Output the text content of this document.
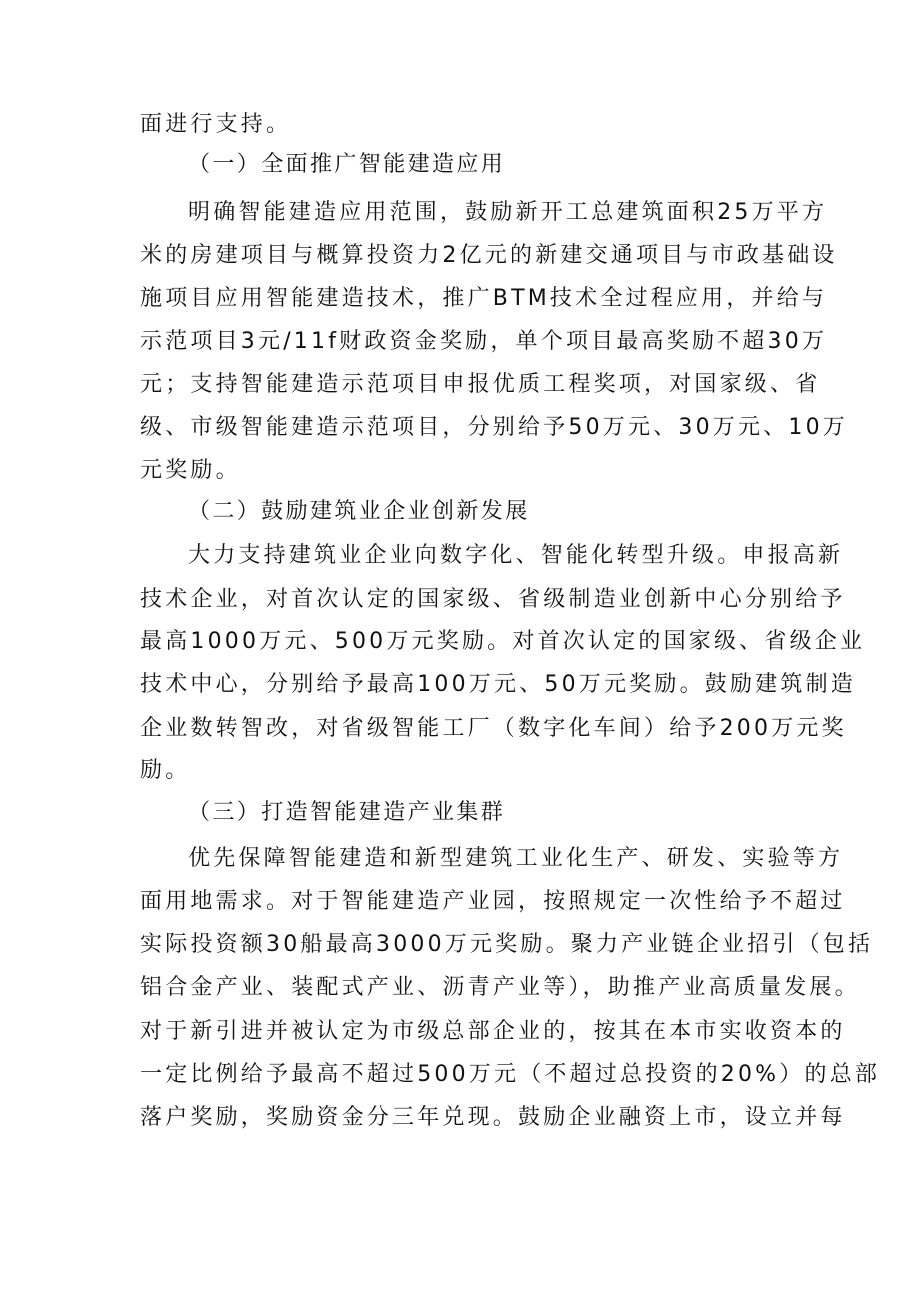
面进行支持。
（一）全面推广智能建造应用
明确智能建造应用范围，鼓励新开工总建筑面积25万平方
米的房建项目与概算投资力2亿元的新建交通项目与市政基础设
施项目应用智能建造技术，推广BTM技术全过程应用，并给与
示范项目3元/11f财政资金奖励，单个项目最高奖励不超30万
元；支持智能建造示范项目申报优质工程奖项，对国家级、省
级、市级智能建造示范项目，分别给予50万元、30万元、10万
元奖励。
（二）鼓励建筑业企业创新发展
大力支持建筑业企业向数字化、智能化转型升级。申报高新
技术企业，对首次认定的国家级、省级制造业创新中心分别给予
最高1000万元、500万元奖励。对首次认定的国家级、省级企业
技术中心，分别给予最高100万元、50万元奖励。鼓励建筑制造
企业数转智改，对省级智能工厂（数字化车间）给予200万元奖
励。
（三）打造智能建造产业集群
优先保障智能建造和新型建筑工业化生产、研发、实验等方
面用地需求。对于智能建造产业园，按照规定一次性给予不超过
实际投资额30船最高3000万元奖励。聚力产业链企业招引（包括
铝合金产业、装配式产业、沥青产业等），助推产业高质量发展。
对于新引进并被认定为市级总部企业的，按其在本市实收资本的
一定比例给予最高不超过500万元（不超过总投资的20%）的总部
落户奖励，奖励资金分三年兑现。鼓励企业融资上市，设立并每
